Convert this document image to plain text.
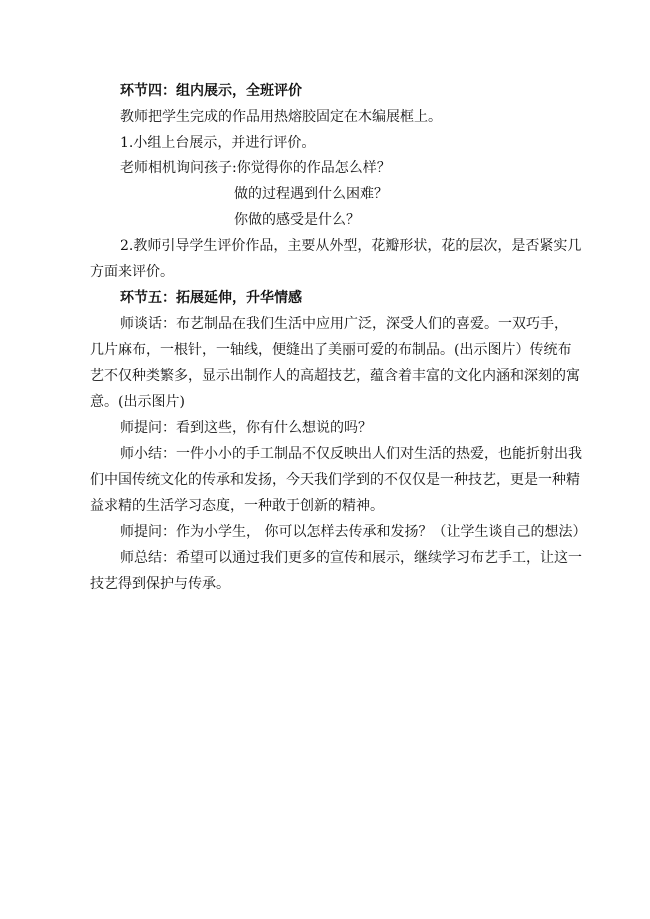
环节四：组内展示，全班评价
教师把学生完成的作品用热熔胶固定在木编展框上。
1.小组上台展示，并进行评价。
老师相机询问孩子:你觉得你的作品怎么样？
做的过程遇到什么困难？
你做的感受是什么？
2.教师引导学生评价作品，主要从外型，花瓣形状，花的层次，是否紧实几
方面来评价。
环节五：拓展延伸，升华情感
师谈话：布艺制品在我们生活中应用广泛，深受人们的喜爱。一双巧手，
几片麻布，一根针，一轴线，便缝出了美丽可爱的布制品。(出示图片）传统布
艺不仅种类繁多，显示出制作人的高超技艺，蕴含着丰富的文化内涵和深刻的寓
意。(出示图片)
师提问：看到这些，你有什么想说的吗？
师小结：一件小小的手工制品不仅反映出人们对生活的热爱，也能折射出我
们中国传统文化的传承和发扬，今天我们学到的不仅仅是一种技艺，更是一种精
益求精的生活学习态度，一种敢于创新的精神。
师提问：作为小学生， 你可以怎样去传承和发扬？（让学生谈自己的想法）
师总结：希望可以通过我们更多的宣传和展示，继续学习布艺手工，让这一
技艺得到保护与传承。
